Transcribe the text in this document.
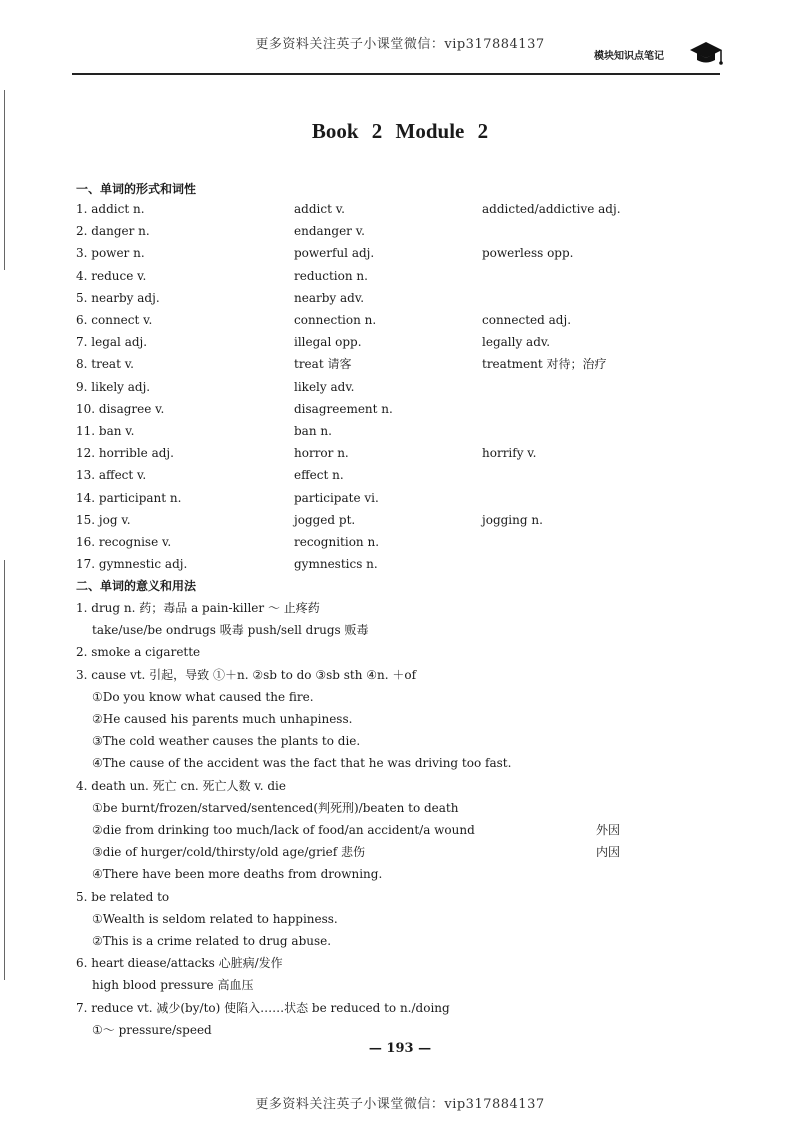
更多资料关注英子小课堂微信：vip317884137
模块知识点笔记
Book 2 Module 2
一、单词的形式和词性
1. addict n.	addict v.	addicted/addictive adj.
2. danger n.	endanger v.
3. power n.	powerful adj.	powerless opp.
4. reduce v.	reduction n.
5. nearby adj.	nearby adv.
6. connect v.	connection n.	connected adj.
7. legal adj.	illegal opp.	legally adv.
8. treat v.	treat 请客	treatment 对待；治疗
9. likely adj.	likely adv.
10. disagree v.	disagreement n.
11. ban v.	ban n.
12. horrible adj.	horror n.	horrify v.
13. affect v.	effect n.
14. participant n.	participate vi.
15. jog v.	jogged pt.	jogging n.
16. recognise v.	recognition n.
17. gymnestic adj.	gymnestics n.
二、单词的意义和用法
1. drug n. 药；毒品 a pain-killer ～ 止疼药
take/use/be ondrugs 吸毒 push/sell drugs 贩毒
2. smoke a cigarette
3. cause vt. 引起，导致 ①＋n. ②sb to do ③sb sth ④n. ＋of
①Do you know what caused the fire.
②He caused his parents much unhapiness.
③The cold weather causes the plants to die.
④The cause of the accident was the fact that he was driving too fast.
4. death un. 死亡 cn. 死亡人数 v. die
①be burnt/frozen/starved/sentenced(判死刑)/beaten to death
②die from drinking too much/lack of food/an accident/a wound	外因
③die of hurger/cold/thirsty/old age/grief 悲伤	内因
④There have been more deaths from drowning.
5. be related to
①Wealth is seldom related to happiness.
②This is a crime related to drug abuse.
6. heart diease/attacks 心脏病/发作
high blood pressure 高血压
7. reduce vt. 减少(by/to) 使陷入……状态 be reduced to n./doing
①～ pressure/speed
— 193 —
更多资料关注英子小课堂微信：vip317884137
